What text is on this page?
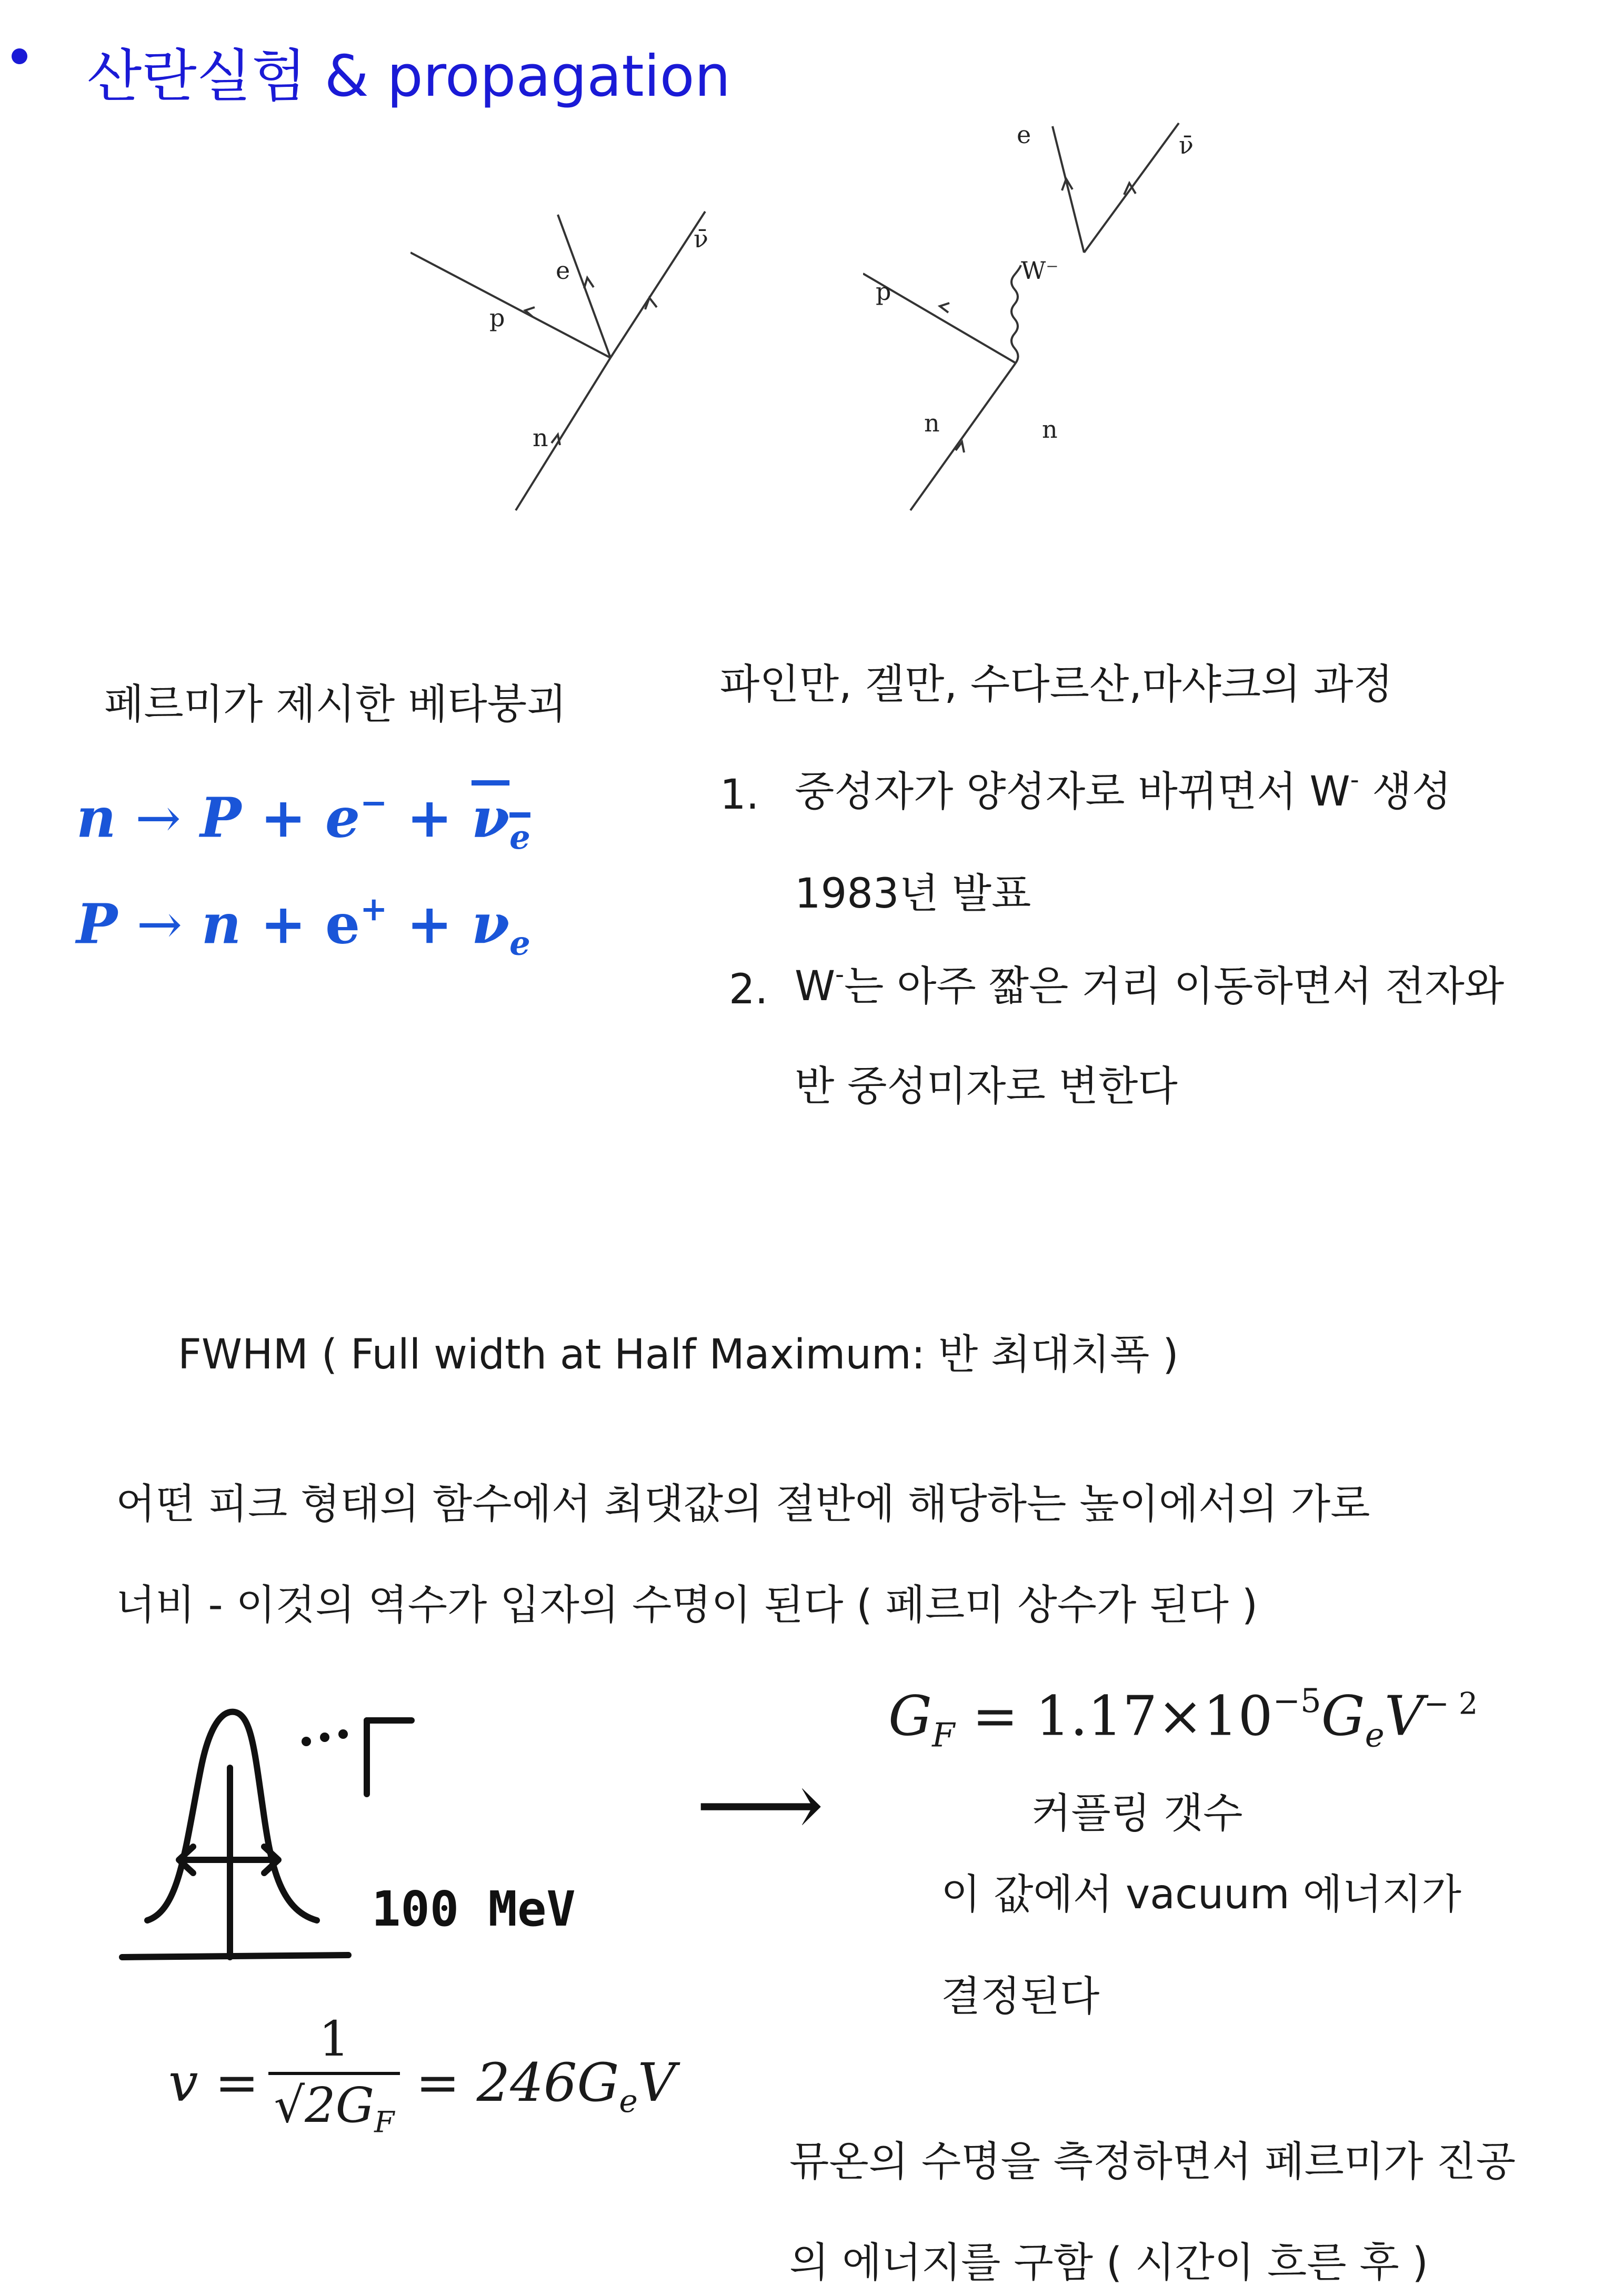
산란실험 & propagation
p
e
ν̄
n
e	ν̄
W⁻
p
n	n
페르미가 제시한 베타붕괴
$n \to P + e^- + \nu_e$
$P \to n + e^+ + \nu_e$
파인만, 겔만, 수다르산,마샤크의 과정
1. 중성자가 양성자로 바뀌면서 W- 생성
1983년 발표
2. W-는 아주 짧은 거리 이동하면서 전자와
반 중성미자로 변한다
FWHM ( Full width at Half Maximum: 반 최대치폭 )
어떤 피크 형태의 함수에서 최댓값의 절반에 해당하는 높이에서의 가로
너비 - 이것의 역수가 입자의 수명이 된다 ( 페르미 상수가 된다 )
100 MeV
⟶
$G_F = 1.17\times 10^{-5}G_eV^{- 2}$
커플링 갯수
이 값에서 vacuum 에너지가
결정된다
v =
1
$√2G_F$
= $246G_eV$
뮤온의 수명을 측정하면서 페르미가 진공
의 에너지를 구함 ( 시간이 흐른 후 )
